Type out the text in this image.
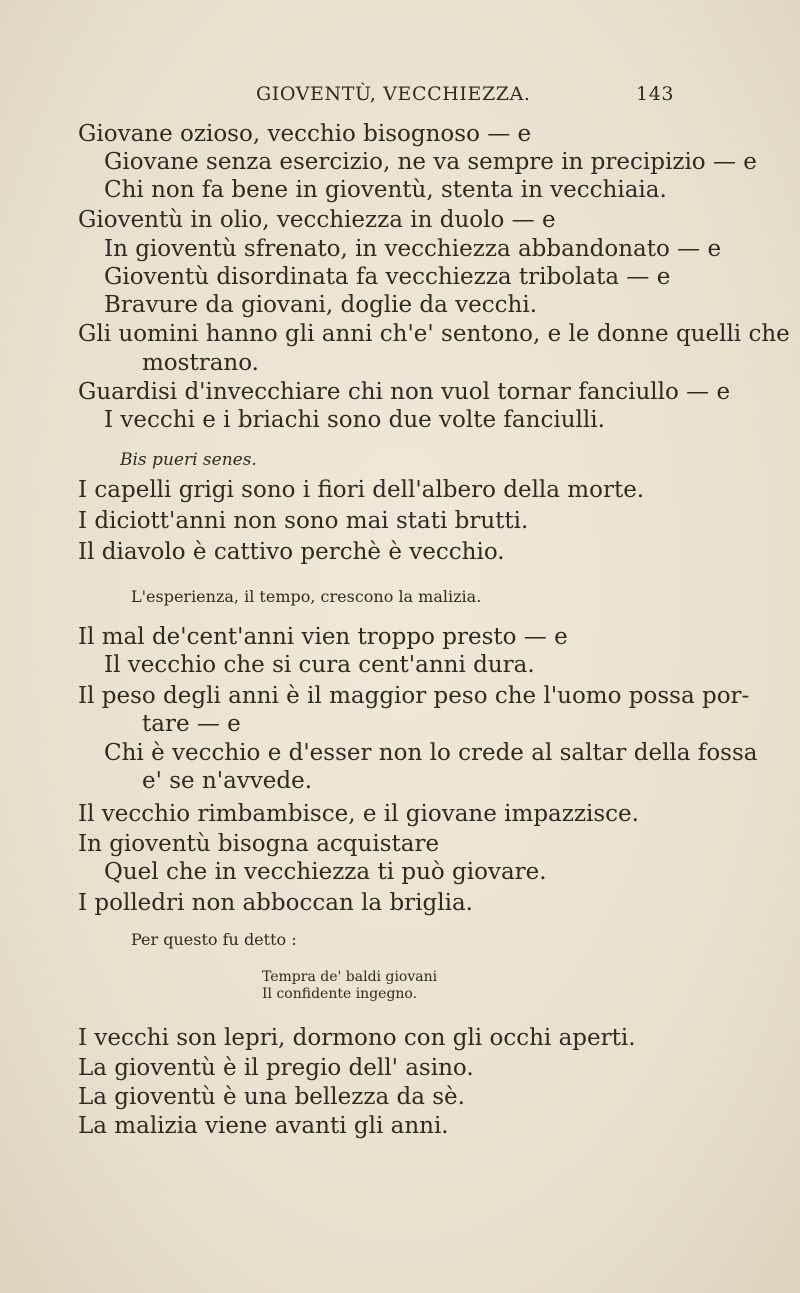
GIOVENTÙ, VECCHIEZZA.	143
Giovane ozioso, vecchio bisognoso — e
Giovane senza esercizio, ne va sempre in precipizio — e
Chi non fa bene in gioventù, stenta in vecchiaia.
Gioventù in olio, vecchiezza in duolo — e
In gioventù sfrenato, in vecchiezza abbandonato — e
Gioventù disordinata fa vecchiezza tribolata — e
Bravure da giovani, doglie da vecchi.
Gli uomini hanno gli anni ch'e' sentono, e le donne quelli che
mostrano.
Guardisi d'invecchiare chi non vuol tornar fanciullo — e
I vecchi e i briachi sono due volte fanciulli.
Bis pueri senes.
I capelli grigi sono i fiori dell'albero della morte.
I diciott'anni non sono mai stati brutti.
Il diavolo è cattivo perchè è vecchio.
L'esperienza, il tempo, crescono la malizia.
Il mal de'cent'anni vien troppo presto — e
Il vecchio che si cura cent'anni dura.
Il peso degli anni è il maggior peso che l'uomo possa por-
tare — e
Chi è vecchio e d'esser non lo crede al saltar della fossa
e' se n'avvede.
Il vecchio rimbambisce, e il giovane impazzisce.
In gioventù bisogna acquistare
Quel che in vecchiezza ti può giovare.
I polledri non abboccan la briglia.
Per questo fu detto :
Tempra de' baldi giovani
Il confidente ingegno.
I vecchi son lepri, dormono con gli occhi aperti.
La gioventù è il pregio dell' asino.
La gioventù è una bellezza da sè.
La malizia viene avanti gli anni.
